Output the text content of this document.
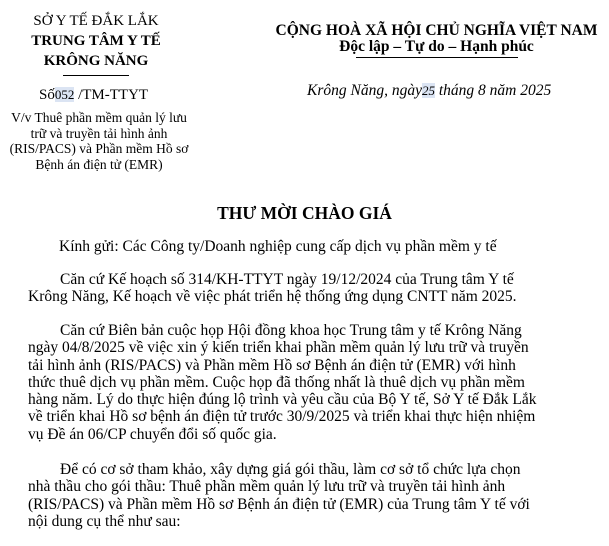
SỞ Y TẾ ĐẮK LẮK
TRUNG TÂM Y TẾ
KRÔNG NĂNG
Số052 /TM-TTYT
V/v Thuê phần mềm quản lý lưu
trữ và truyền tải hình ảnh
(RIS/PACS) và Phần mềm Hồ sơ
Bệnh án điện tử (EMR)
CỘNG HOÀ XÃ HỘI CHỦ NGHĨA VIỆT NAM
Độc lập – Tự do – Hạnh phúc
Krông Năng, ngày25 tháng 8 năm 2025
THƯ MỜI CHÀO GIÁ
Kính gửi: Các Công ty/Doanh nghiệp cung cấp dịch vụ phần mềm y tế
Căn cứ Kế hoạch số 314/KH-TTYT ngày 19/12/2024 của Trung tâm Y tế
Krông Năng, Kế hoạch về việc phát triển hệ thống ứng dụng CNTT năm 2025.
Căn cứ Biên bản cuộc họp Hội đồng khoa học Trung tâm y tế Krông Năng
ngày 04/8/2025 về việc xin ý kiến triển khai phần mềm quản lý lưu trữ và truyền
tải hình ảnh (RIS/PACS) và Phần mềm Hồ sơ Bệnh án điện tử (EMR) với hình
thức thuê dịch vụ phần mềm. Cuộc họp đã thống nhất là thuê dịch vụ phần mềm
hàng năm. Lý do thực hiện đúng lộ trình và yêu cầu của Bộ Y tế, Sở Y tế Đắk Lắk
về triển khai Hồ sơ bệnh án điện tử trước 30/9/2025 và triển khai thực hiện nhiệm
vụ Đề án 06/CP chuyển đổi số quốc gia.
Để có cơ sở tham khảo, xây dựng giá gói thầu, làm cơ sở tổ chức lựa chọn
nhà thầu cho gói thầu: Thuê phần mềm quản lý lưu trữ và truyền tải hình ảnh
(RIS/PACS) và Phần mềm Hồ sơ Bệnh án điện tử (EMR) của Trung tâm Y tế với
nội dung cụ thể như sau:
